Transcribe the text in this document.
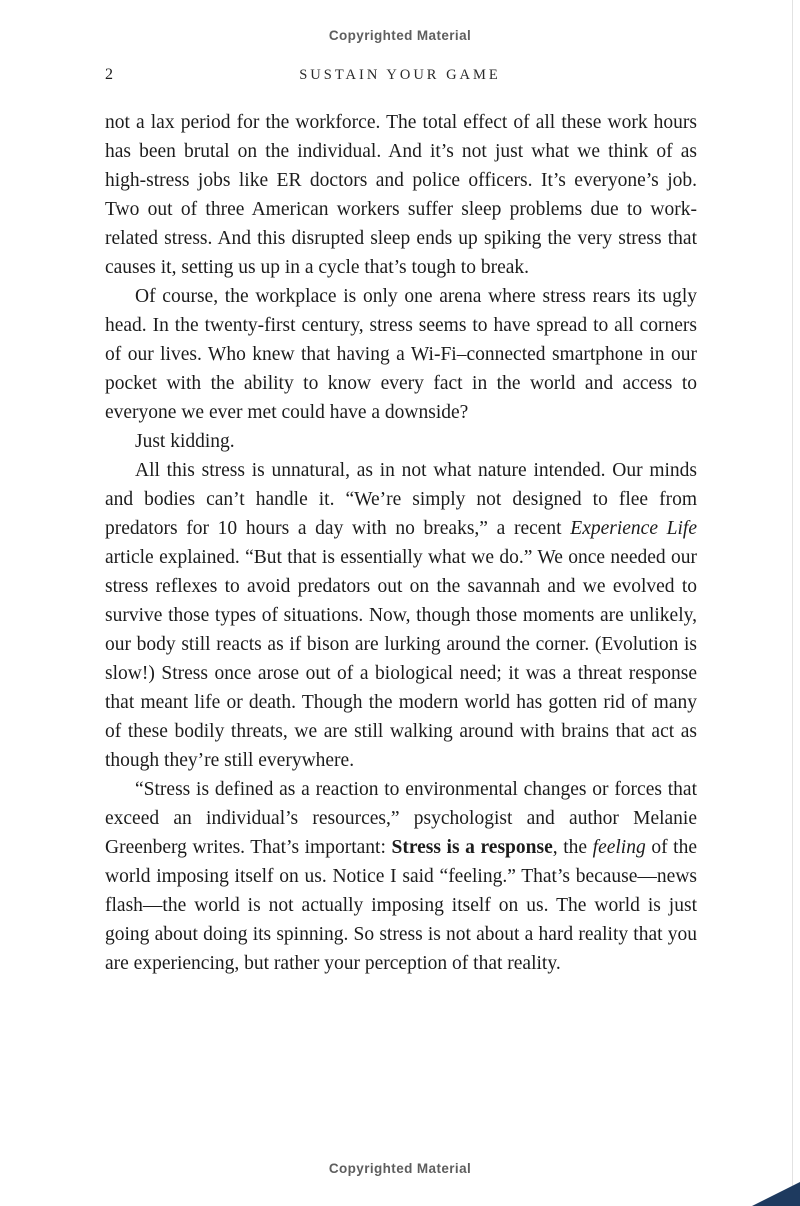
Copyrighted Material
2	SUSTAIN YOUR GAME

not a lax period for the workforce. The total effect of all these work hours has been brutal on the individual. And it’s not just what we think of as high-stress jobs like ER doctors and police officers. It’s everyone’s job. Two out of three American workers suffer sleep problems due to work-related stress. And this disrupted sleep ends up spiking the very stress that causes it, setting us up in a cycle that’s tough to break.

Of course, the workplace is only one arena where stress rears its ugly head. In the twenty-first century, stress seems to have spread to all corners of our lives. Who knew that having a Wi-Fi–connected smartphone in our pocket with the ability to know every fact in the world and access to everyone we ever met could have a downside?

Just kidding.

All this stress is unnatural, as in not what nature intended. Our minds and bodies can’t handle it. “We’re simply not designed to flee from predators for 10 hours a day with no breaks,” a recent Experience Life article explained. “But that is essentially what we do.” We once needed our stress reflexes to avoid predators out on the savannah and we evolved to survive those types of situations. Now, though those moments are unlikely, our body still reacts as if bison are lurking around the corner. (Evolution is slow!) Stress once arose out of a biological need; it was a threat response that meant life or death. Though the modern world has gotten rid of many of these bodily threats, we are still walking around with brains that act as though they’re still everywhere.

“Stress is defined as a reaction to environmental changes or forces that exceed an individual’s resources,” psychologist and author Melanie Greenberg writes. That’s important: Stress is a response, the feeling of the world imposing itself on us. Notice I said “feeling.” That’s because—news flash—the world is not actually imposing itself on us. The world is just going about doing its spinning. So stress is not about a hard reality that you are experiencing, but rather your perception of that reality.

Copyrighted Material
